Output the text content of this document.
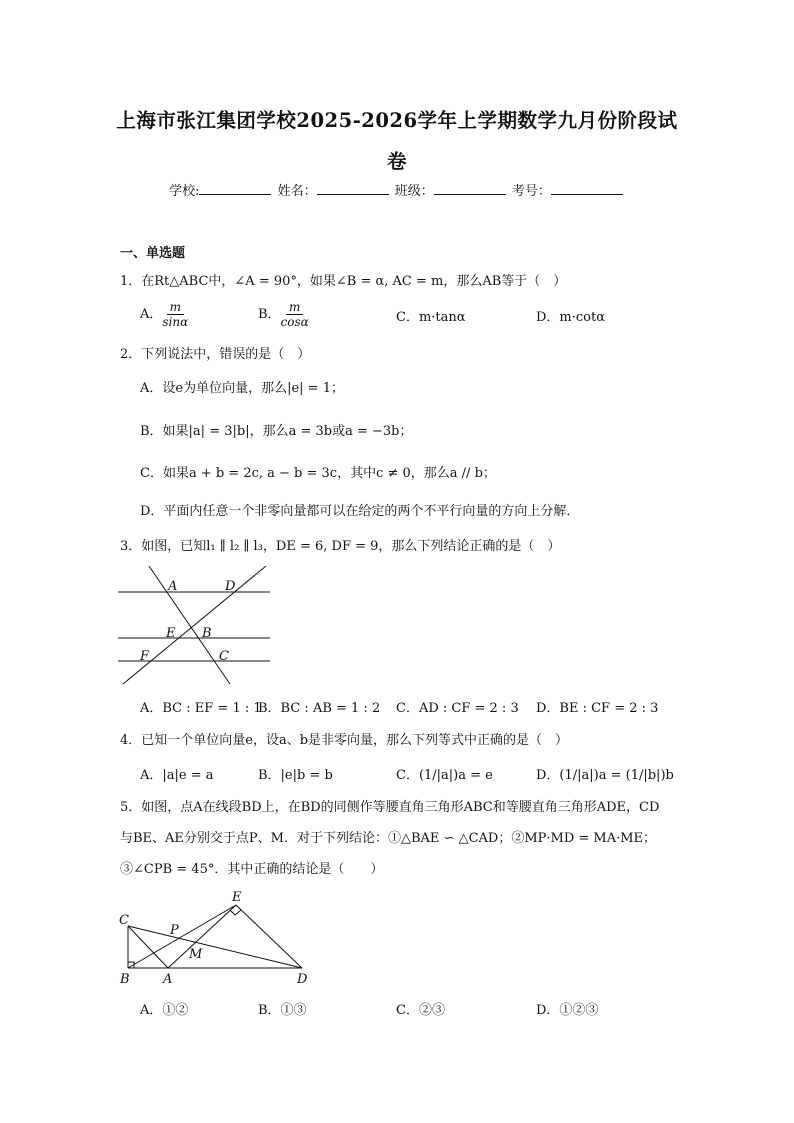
上海市张江集团学校2025-2026学年上学期数学九月份阶段试
卷
学校:	姓名：	班级：	考号：
一、单选题
1．在Rt△ABC中，∠A = 90°，如果∠B = α, AC = m，那么AB等于（　）
A． $\frac{m}{\sin\alpha}$	B． $\frac{m}{\cos\alpha}$	C．m·tanα	D．m·cotα
2．下列说法中，错误的是（　）
A．设e为单位向量，那么|e| = 1；
B．如果|a| = 3|b|，那么a = 3b或a = −3b；
C．如果a + b = 2c, a − b = 3c，其中c ≠ 0，那么a // b；
D．平面内任意一个非零向量都可以在给定的两个不平行向量的方向上分解．
3．如图，已知l₁ ∥ l₂ ∥ l₃，DE = 6, DF = 9，那么下列结论正确的是（　）
A	D
E B
F	C
A．BC : EF = 1 : 1
B．BC : AB = 1 : 2 C．AD : CF = 2 : 3 D．BE : CF = 2 : 3
4．已知一个单位向量e，设a、b是非零向量，那么下列等式中正确的是（　）
A．|a|e = a	B．|e|b = b	C．(1/|a|)a = e	D．(1/|a|)a = (1/|b|)b
5．如图，点A在线段BD上，在BD的同侧作等腰直角三角形ABC和等腰直角三角形ADE，CD与BE、AE分别交于点P、M．对于下列结论：①△BAE ∽ △CAD；②MP·MD = MA·ME；③∠CPB = 45°．其中正确的结论是（　　）
E
C
P
M
B	A	D
A．①②	B．①③	C．②③	D．①②③
